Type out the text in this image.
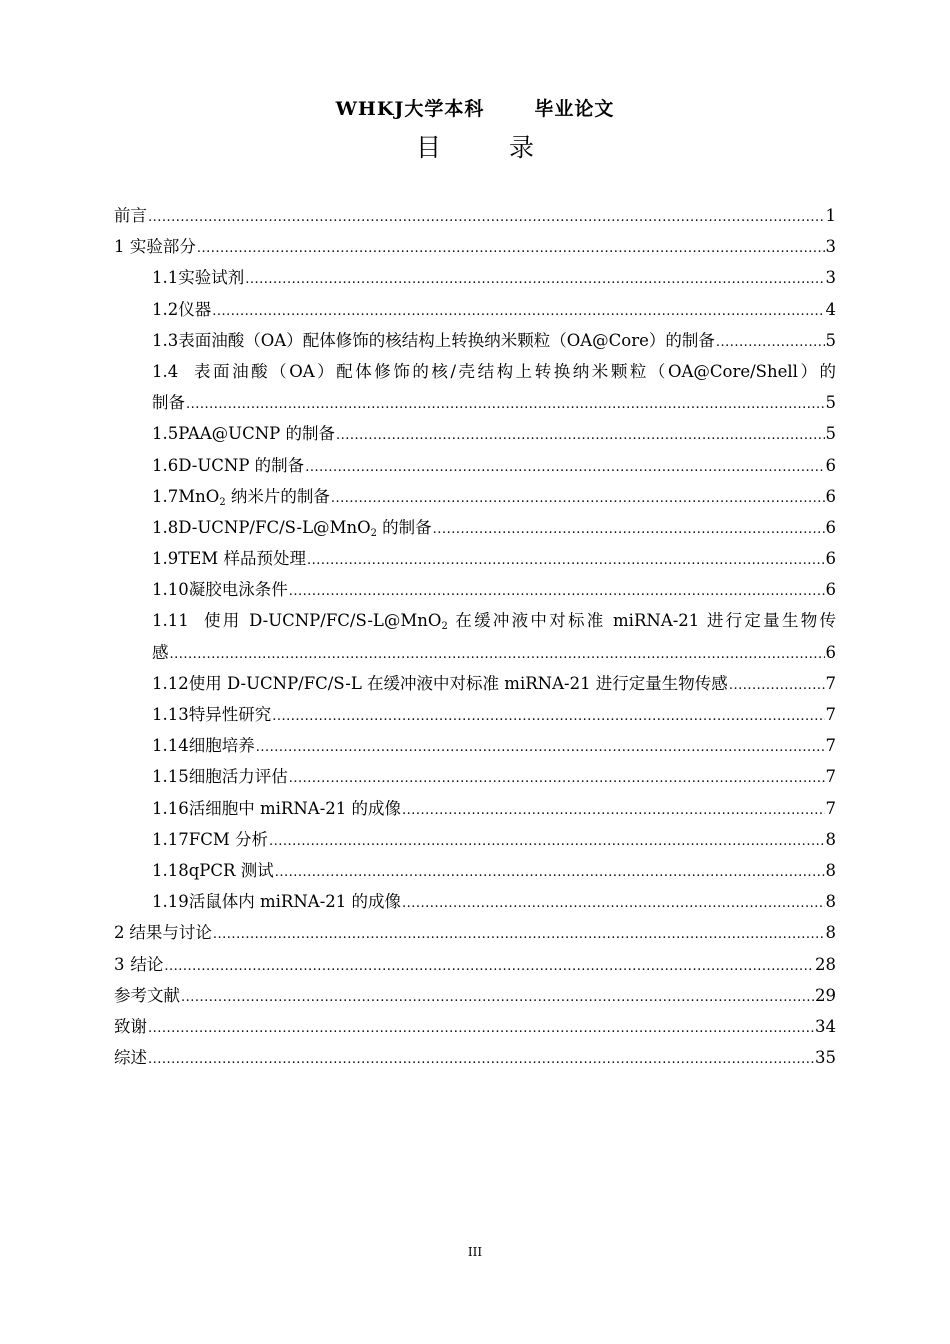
WHKJ大学本科	毕业论文
目 录
前言 .....	1
1 实验部分 .....	3
1.1 实验试剂 .....	3
1.2 仪器 .....	4
1.3 表面油酸（OA）配体修饰的核结构上转换纳米颗粒（OA@Core）的制备 .....	5
1.4 表面油酸（OA）配体修饰的核/壳结构上转换纳米颗粒（OA@Core/Shell）的
制备 .....	5
1.5 PAA@UCNP 的制备 .....	5
1.6 D-UCNP 的制备 .....	6
1.7 MnO$_2$ 纳米片的制备 .....	6
1.8 D-UCNP/FC/S-L@MnO$_2$ 的制备 .....	6
1.9 TEM 样品预处理 .....	6
1.10 凝胶电泳条件 .....	6
1.11 使用 D-UCNP/FC/S-L@MnO$_2$ 在缓冲液中对标准 miRNA-21 进行定量生物传
感 .....	6
1.12 使用 D-UCNP/FC/S-L 在缓冲液中对标准 miRNA-21 进行定量生物传感 .....	7
1.13 特异性研究 .....	7
1.14 细胞培养 .....	7
1.15 细胞活力评估 .....	7
1.16 活细胞中 miRNA-21 的成像 .....	7
1.17 FCM 分析 .....	8
1.18 qPCR 测试 .....	8
1.19 活鼠体内 miRNA-21 的成像 .....	8
2 结果与讨论 .....	8
3 结论 .....	28
参考文献 .....	29
致谢 .....	34
综述 .....	35
III
